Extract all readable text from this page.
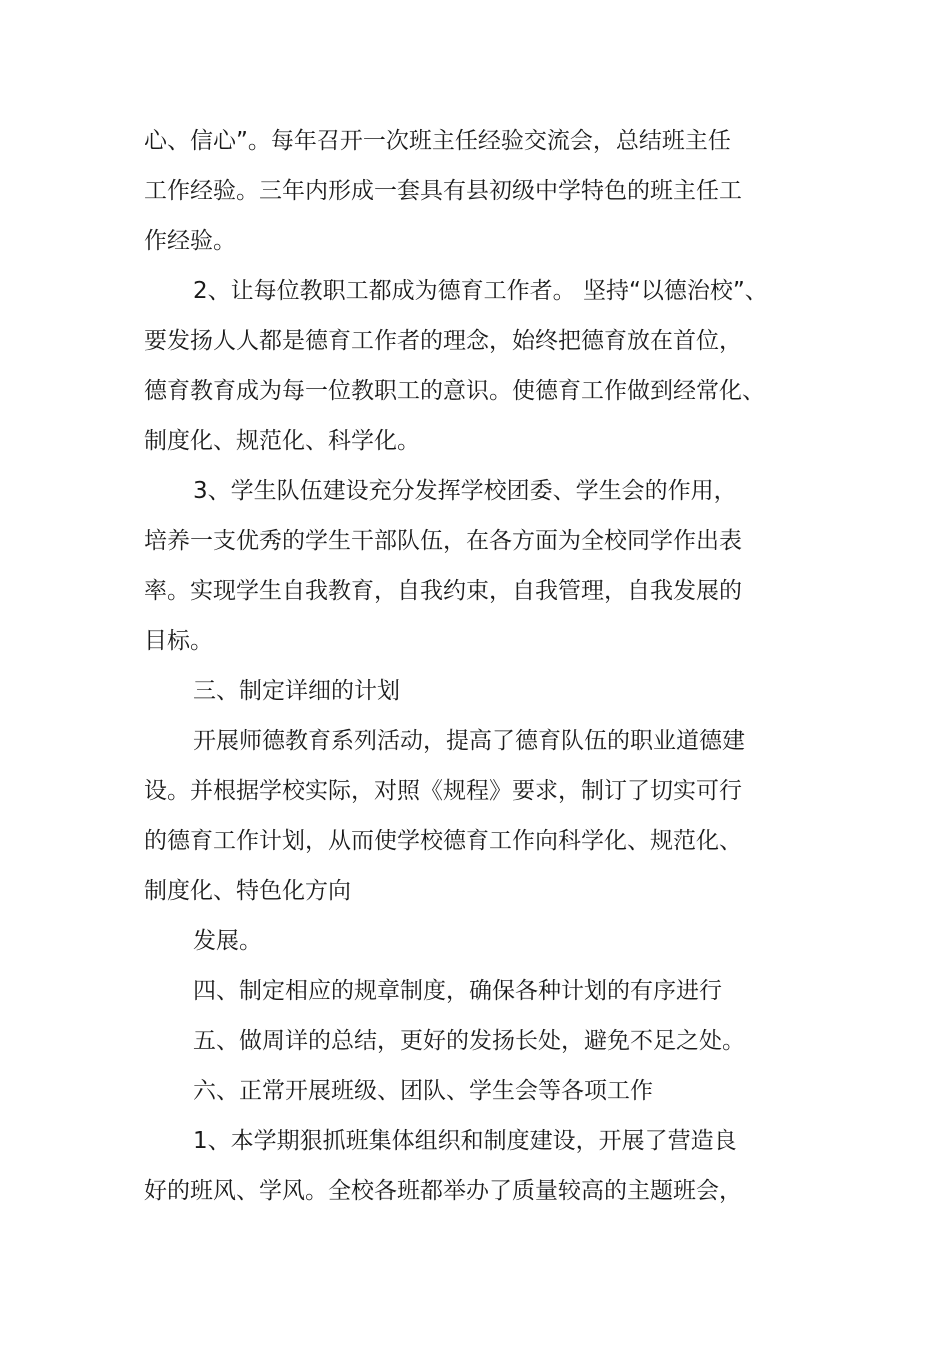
心、信心”。每年召开一次班主任经验交流会，总结班主任
工作经验。三年内形成一套具有县初级中学特色的班主任工
作经验。
2、让每位教职工都成为德育工作者。 坚持“以德治校”、
要发扬人人都是德育工作者的理念，始终把德育放在首位，
德育教育成为每一位教职工的意识。使德育工作做到经常化、
制度化、规范化、科学化。
3、学生队伍建设充分发挥学校团委、学生会的作用，
培养一支优秀的学生干部队伍，在各方面为全校同学作出表
率。实现学生自我教育，自我约束，自我管理，自我发展的
目标。
三、制定详细的计划
开展师德教育系列活动，提高了德育队伍的职业道德建
设。并根据学校实际，对照《规程》要求，制订了切实可行
的德育工作计划，从而使学校德育工作向科学化、规范化、
制度化、特色化方向
发展。
四、制定相应的规章制度，确保各种计划的有序进行
五、做周详的总结，更好的发扬长处，避免不足之处。
六、正常开展班级、团队、学生会等各项工作
1、本学期狠抓班集体组织和制度建设，开展了营造良
好的班风、学风。全校各班都举办了质量较高的主题班会，
